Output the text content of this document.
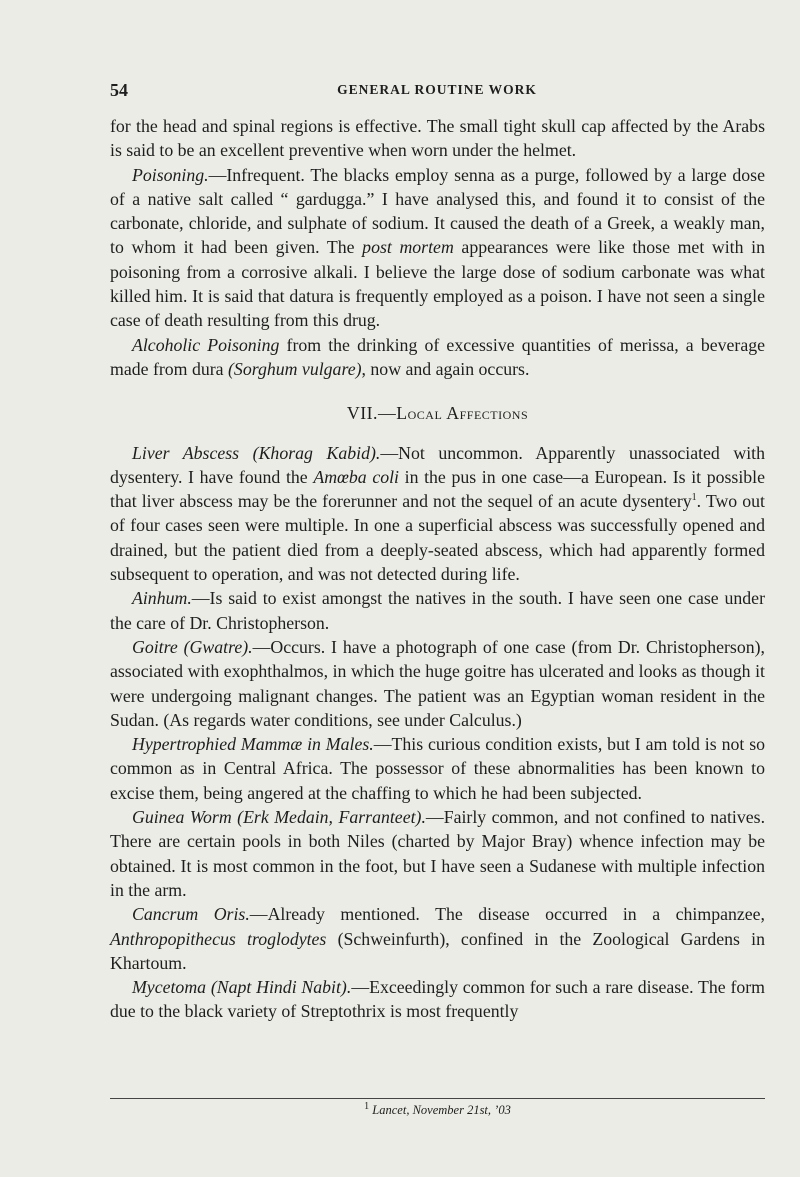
54	GENERAL ROUTINE WORK

for the head and spinal regions is effective. The small tight skull cap affected by the Arabs is said to be an excellent preventive when worn under the helmet.

Poisoning.—Infrequent. The blacks employ senna as a purge, followed by a large dose of a native salt called “ gardugga.” I have analysed this, and found it to consist of the carbonate, chloride, and sulphate of sodium. It caused the death of a Greek, a weakly man, to whom it had been given. The post mortem appearances were like those met with in poisoning from a corrosive alkali. I believe the large dose of sodium carbonate was what killed him. It is said that datura is frequently employed as a poison. I have not seen a single case of death resulting from this drug.

Alcoholic Poisoning from the drinking of excessive quantities of merissa, a beverage made from dura (Sorghum vulgare), now and again occurs.

VII.—Local Affections

Liver Abscess (Khorag Kabid).—Not uncommon. Apparently unassociated with dysentery. I have found the Amœba coli in the pus in one case—a European. Is it possible that liver abscess may be the forerunner and not the sequel of an acute dysentery$^1$. Two out of four cases seen were multiple. In one a superficial abscess was successfully opened and drained, but the patient died from a deeply-seated abscess, which had apparently formed subsequent to operation, and was not detected during life.

Ainhum.—Is said to exist amongst the natives in the south. I have seen one case under the care of Dr. Christopherson.

Goitre (Gwatre).—Occurs. I have a photograph of one case (from Dr. Christopherson), associated with exophthalmos, in which the huge goitre has ulcerated and looks as though it were undergoing malignant changes. The patient was an Egyptian woman resident in the Sudan. (As regards water conditions, see under Calculus.)

Hypertrophied Mammæ in Males.—This curious condition exists, but I am told is not so common as in Central Africa. The possessor of these abnormalities has been known to excise them, being angered at the chaffing to which he had been subjected.

Guinea Worm (Erk Medain, Farranteet).—Fairly common, and not confined to natives. There are certain pools in both Niles (charted by Major Bray) whence infection may be obtained. It is most common in the foot, but I have seen a Sudanese with multiple infection in the arm.

Cancrum Oris.—Already mentioned. The disease occurred in a chimpanzee, Anthropopithecus troglodytes (Schweinfurth), confined in the Zoological Gardens in Khartoum.

Mycetoma (Napt Hindi Nabit).—Exceedingly common for such a rare disease. The form due to the black variety of Streptothrix is most frequently

$^1$ Lancet, November 21st, ’03
